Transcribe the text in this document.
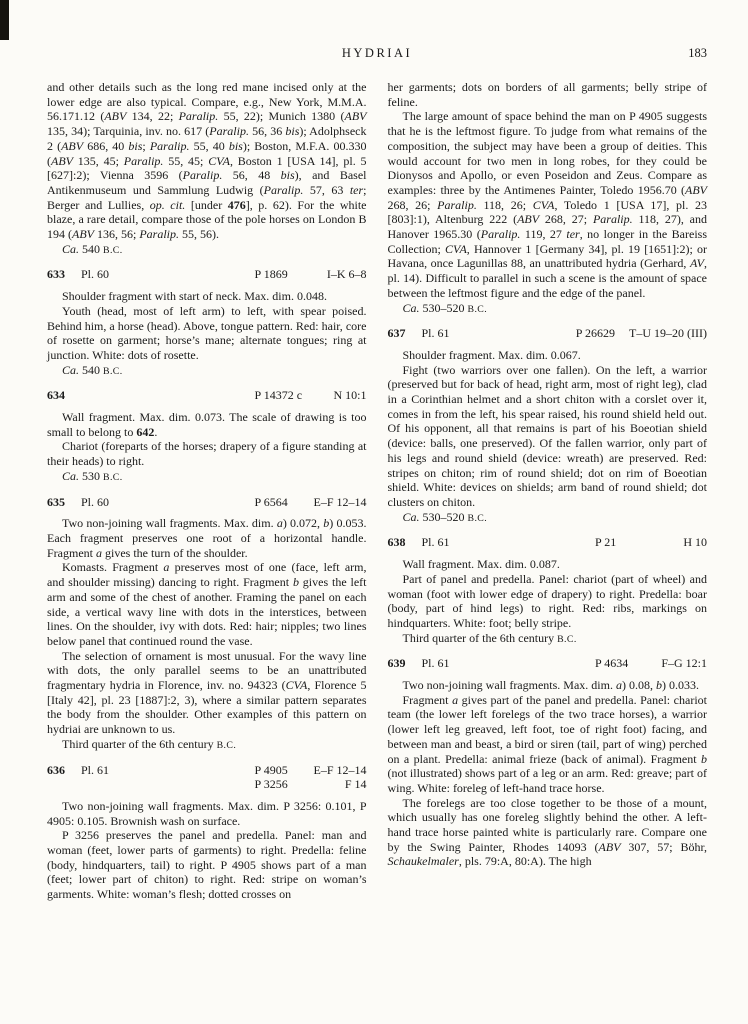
HYDRIAI	183

and other details such as the long red mane incised only at the lower edge are also typical. Compare, e.g., New York, M.M.A. 56.171.12 (ABV 134, 22; Paralip. 55, 22); Munich 1380 (ABV 135, 34); Tarquinia, inv. no. 617 (Paralip. 56, 36 bis); Adolphseck 2 (ABV 686, 40 bis; Paralip. 55, 40 bis); Boston, M.F.A. 00.330 (ABV 135, 45; Paralip. 55, 45; CVA, Boston 1 [USA 14], pl. 5 [627]:2); Vienna 3596 (Paralip. 56, 48 bis), and Basel Antikenmuseum und Sammlung Ludwig (Paralip. 57, 63 ter; Berger and Lullies, op. cit. [under 476], p. 62). For the white blaze, a rare detail, compare those of the pole horses on London B 194 (ABV 136, 56; Paralip. 55, 56).

Ca. 540 B.C.

633 Pl. 60	P 1869	I–K 6–8

Shoulder fragment with start of neck. Max. dim. 0.048.

Youth (head, most of left arm) to left, with spear poised. Behind him, a horse (head). Above, tongue pattern. Red: hair, core of rosette on garment; horse’s mane; alternate tongues; ring at junction. White: dots of rosette.

Ca. 540 B.C.

634	P 14372 c	N 10:1

Wall fragment. Max. dim. 0.073. The scale of drawing is too small to belong to 642.

Chariot (foreparts of the horses; drapery of a figure standing at their heads) to right.

Ca. 530 B.C.

635 Pl. 60	P 6564 E–F 12–14

Two non-joining wall fragments. Max. dim. a) 0.072, b) 0.053. Each fragment preserves one root of a horizontal handle. Fragment a gives the turn of the shoulder.

Komasts. Fragment a preserves most of one (face, left arm, and shoulder missing) dancing to right. Fragment b gives the left arm and some of the chest of another. Framing the panel on each side, a vertical wavy line with dots in the interstices, between lines. On the shoulder, ivy with dots. Red: hair; nipples; two lines below panel that continued round the vase.

The selection of ornament is most unusual. For the wavy line with dots, the only parallel seems to be an unattributed fragmentary hydria in Florence, inv. no. 94323 (CVA, Florence 5 [Italy 42], pl. 23 [1887]:2, 3), where a similar pattern separates the body from the shoulder. Other examples of this pattern on hydriai are unknown to us.

Third quarter of the 6th century B.C.

636 Pl. 61	P 4905 E–F 12–14
P 3256	F 14

Two non-joining wall fragments. Max. dim. P 3256: 0.101, P 4905: 0.105. Brownish wash on surface.

P 3256 preserves the panel and predella. Panel: man and woman (feet, lower parts of garments) to right. Predella: feline (body, hindquarters, tail) to right. P 4905 shows part of a man (feet; lower part of chiton) to right. Red: stripe on woman’s garments. White: woman’s flesh; dotted crosses on

her garments; dots on borders of all garments; belly stripe of feline.

The large amount of space behind the man on P 4905 suggests that he is the leftmost figure. To judge from what remains of the composition, the subject may have been a group of deities. This would account for two men in long robes, for they could be Dionysos and Apollo, or even Poseidon and Zeus. Compare as examples: three by the Antimenes Painter, Toledo 1956.70 (ABV 268, 26; Paralip. 118, 26; CVA, Toledo 1 [USA 17], pl. 23 [803]:1), Altenburg 222 (ABV 268, 27; Paralip. 118, 27), and Hanover 1965.30 (Paralip. 119, 27 ter, no longer in the Bareiss Collection; CVA, Hannover 1 [Germany 34], pl. 19 [1651]:2); or Havana, once Lagunillas 88, an unattributed hydria (Gerhard, AV, pl. 14). Difficult to parallel in such a scene is the amount of space between the leftmost figure and the edge of the panel.

Ca. 530–520 B.C.

637 Pl. 61	P 26629 T–U 19–20 (III)

Shoulder fragment. Max. dim. 0.067.

Fight (two warriors over one fallen). On the left, a warrior (preserved but for back of head, right arm, most of right leg), clad in a Corinthian helmet and a short chiton with a corslet over it, comes in from the left, his spear raised, his round shield held out. Of his opponent, all that remains is part of his Boeotian shield (device: balls, one preserved). Of the fallen warrior, only part of his legs and round shield (device: wreath) are preserved. Red: stripes on chiton; rim of round shield; dot on rim of Boeotian shield. White: devices on shields; arm band of round shield; dot clusters on chiton.

Ca. 530–520 B.C.

638 Pl. 61	P 21	H 10

Wall fragment. Max. dim. 0.087.

Part of panel and predella. Panel: chariot (part of wheel) and woman (foot with lower edge of drapery) to right. Predella: boar (body, part of hind legs) to right. Red: ribs, markings on hindquarters. White: foot; belly stripe.

Third quarter of the 6th century B.C.

639 Pl. 61	P 4634	F–G 12:1

Two non-joining wall fragments. Max. dim. a) 0.08, b) 0.033.

Fragment a gives part of the panel and predella. Panel: chariot team (the lower left forelegs of the two trace horses), a warrior (lower left leg greaved, left foot, toe of right foot) facing, and between man and beast, a bird or siren (tail, part of wing) perched on a plant. Predella: animal frieze (back of animal). Fragment b (not illustrated) shows part of a leg or an arm. Red: greave; part of wing. White: foreleg of left-hand trace horse.

The forelegs are too close together to be those of a mount, which usually has one foreleg slightly behind the other. A left-hand trace horse painted white is particularly rare. Compare one by the Swing Painter, Rhodes 14093 (ABV 307, 57; Böhr, Schaukelmaler, pls. 79:A, 80:A). The high
